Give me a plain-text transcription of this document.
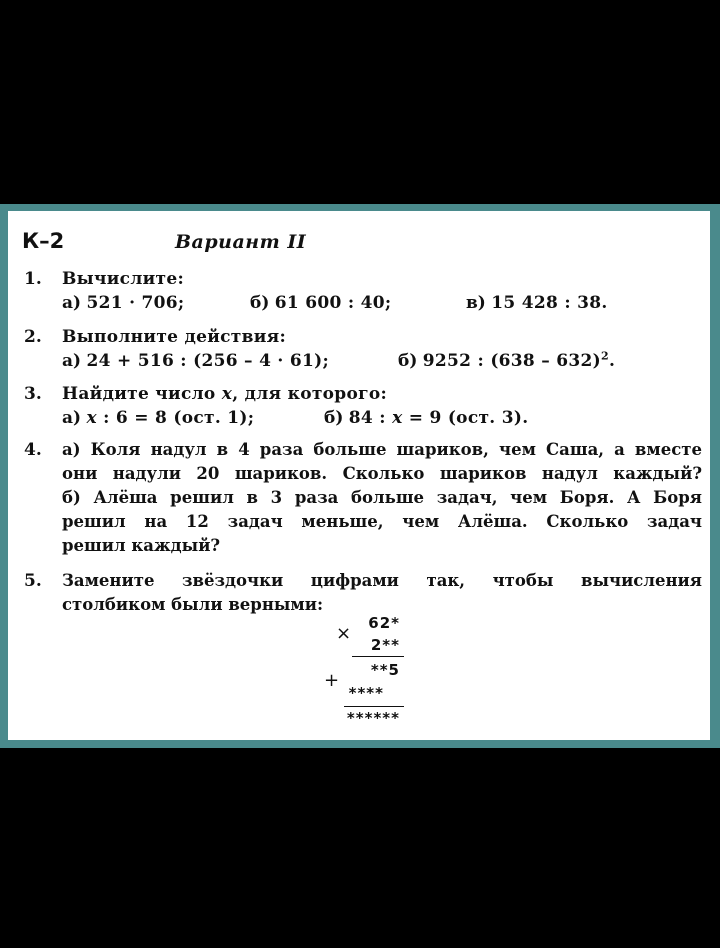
К–2	Вариант II
1. Вычислите:
а) 521 · 706;	б) 61 600 : 40;	в) 15 428 : 38.
2. Выполните действия:
а) 24 + 516 : (256 – 4 · 61);	б) 9252 : (638 – 632)$^2$.
3. Найдите число x, для которого:
а) x : 6 = 8 (ост. 1);	б) 84 : x = 9 (ост. 3).
4. а) Коля надул в 4 раза больше шариков, чем Саша, а вместе
они надули 20 шариков. Сколько шариков надул каждый?
б) Алёша решил в 3 раза больше задач, чем Боря. А Боря
решил на 12 задач меньше, чем Алёша. Сколько задач
решил каждый?
5. Замените звёздочки цифрами так, чтобы вычисления
столбиком были верными:
× 62*
2**
**5
+
****
******
